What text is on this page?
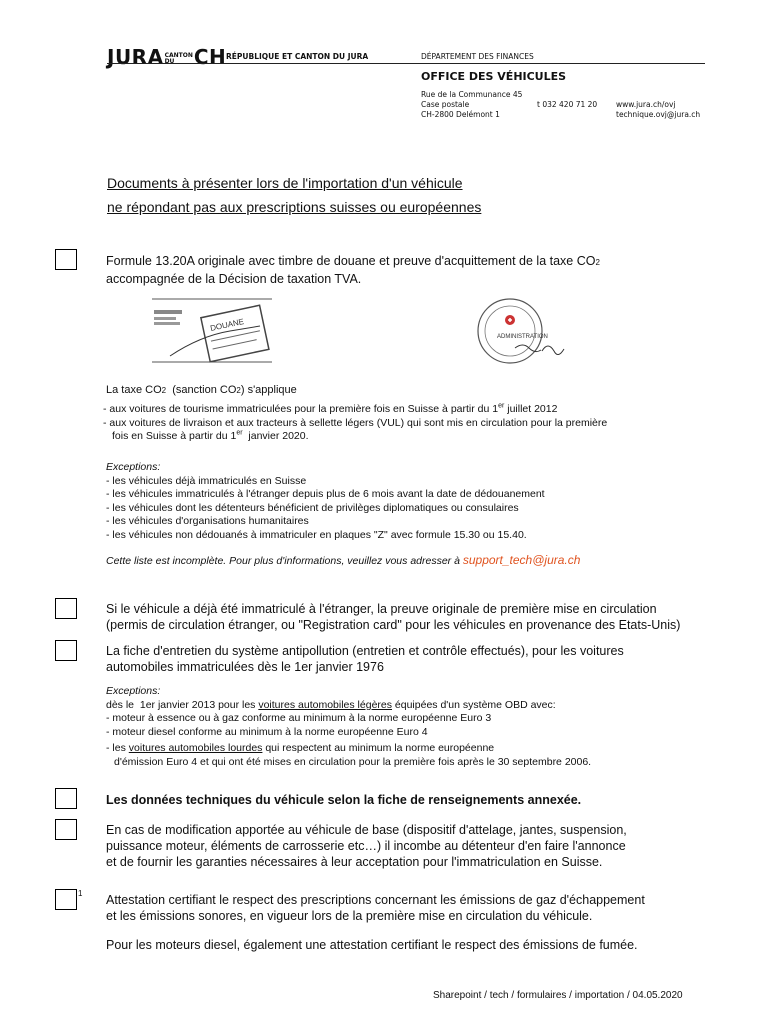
JURACANTON
DU CH RÉPUBLIQUE ET CANTON DU JURA	DÉPARTEMENT DES FINANCES
OFFICE DES VÉHICULES
Rue de la Communance 45
Case postale
CH-2800 Delémont 1
t 032 420 71 20	www.jura.ch/ovj
technique.ovj@jura.ch
Documents à présenter lors de l'importation d'un véhicule
ne répondant pas aux prescriptions suisses ou européennes
Formule 13.20A originale avec timbre de douane et preuve d'acquittement de la taxe CO2
accompagnée de la Décision de taxation TVA.
DOUANE
ADMINISTRATION
La taxe CO2  (sanction CO2) s'applique
- aux voitures de tourisme immatriculées pour la première fois en Suisse à partir du 1er juillet 2012
- aux voitures de livraison et aux tracteurs à sellette légers (VUL) qui sont mis en circulation pour la première
fois en Suisse à partir du 1er  janvier 2020.
Exceptions:
- les véhicules déjà immatriculés en Suisse
- les véhicules immatriculés à l'étranger depuis plus de 6 mois avant la date de dédouanement
- les véhicules dont les détenteurs bénéficient de privilèges diplomatiques ou consulaires
- les véhicules d'organisations humanitaires
- les véhicules non dédouanés à immatriculer en plaques "Z" avec formule 15.30 ou 15.40.
Cette liste est incomplète. Pour plus d'informations, veuillez vous adresser à support_tech@jura.ch
Si le véhicule a déjà été immatriculé à l'étranger, la preuve originale de première mise en circulation
(permis de circulation étranger, ou "Registration card" pour les véhicules en provenance des Etats-Unis)
La fiche d'entretien du système antipollution (entretien et contrôle effectués), pour les voitures
automobiles immatriculées dès le 1er janvier 1976
Exceptions:
dès le  1er janvier 2013 pour les voitures automobiles légères équipées d'un système OBD avec:
- moteur à essence ou à gaz conforme au minimum à la norme européenne Euro 3
- moteur diesel conforme au minimum à la norme européenne Euro 4
- les voitures automobiles lourdes qui respectent au minimum la norme européenne
d'émission Euro 4 et qui ont été mises en circulation pour la première fois après le 30 septembre 2006.
Les données techniques du véhicule selon la fiche de renseignements annexée.
En cas de modification apportée au véhicule de base (dispositif d'attelage, jantes, suspension,
puissance moteur, éléments de carrosserie etc…) il incombe au détenteur d'en faire l'annonce
et de fournir les garanties nécessaires à leur acceptation pour l'immatriculation en Suisse.
1 Attestation certifiant le respect des prescriptions concernant les émissions de gaz d'échappement
et les émissions sonores, en vigueur lors de la première mise en circulation du véhicule.
Pour les moteurs diesel, également une attestation certifiant le respect des émissions de fumée.
Sharepoint / tech / formulaires / importation / 04.05.2020
